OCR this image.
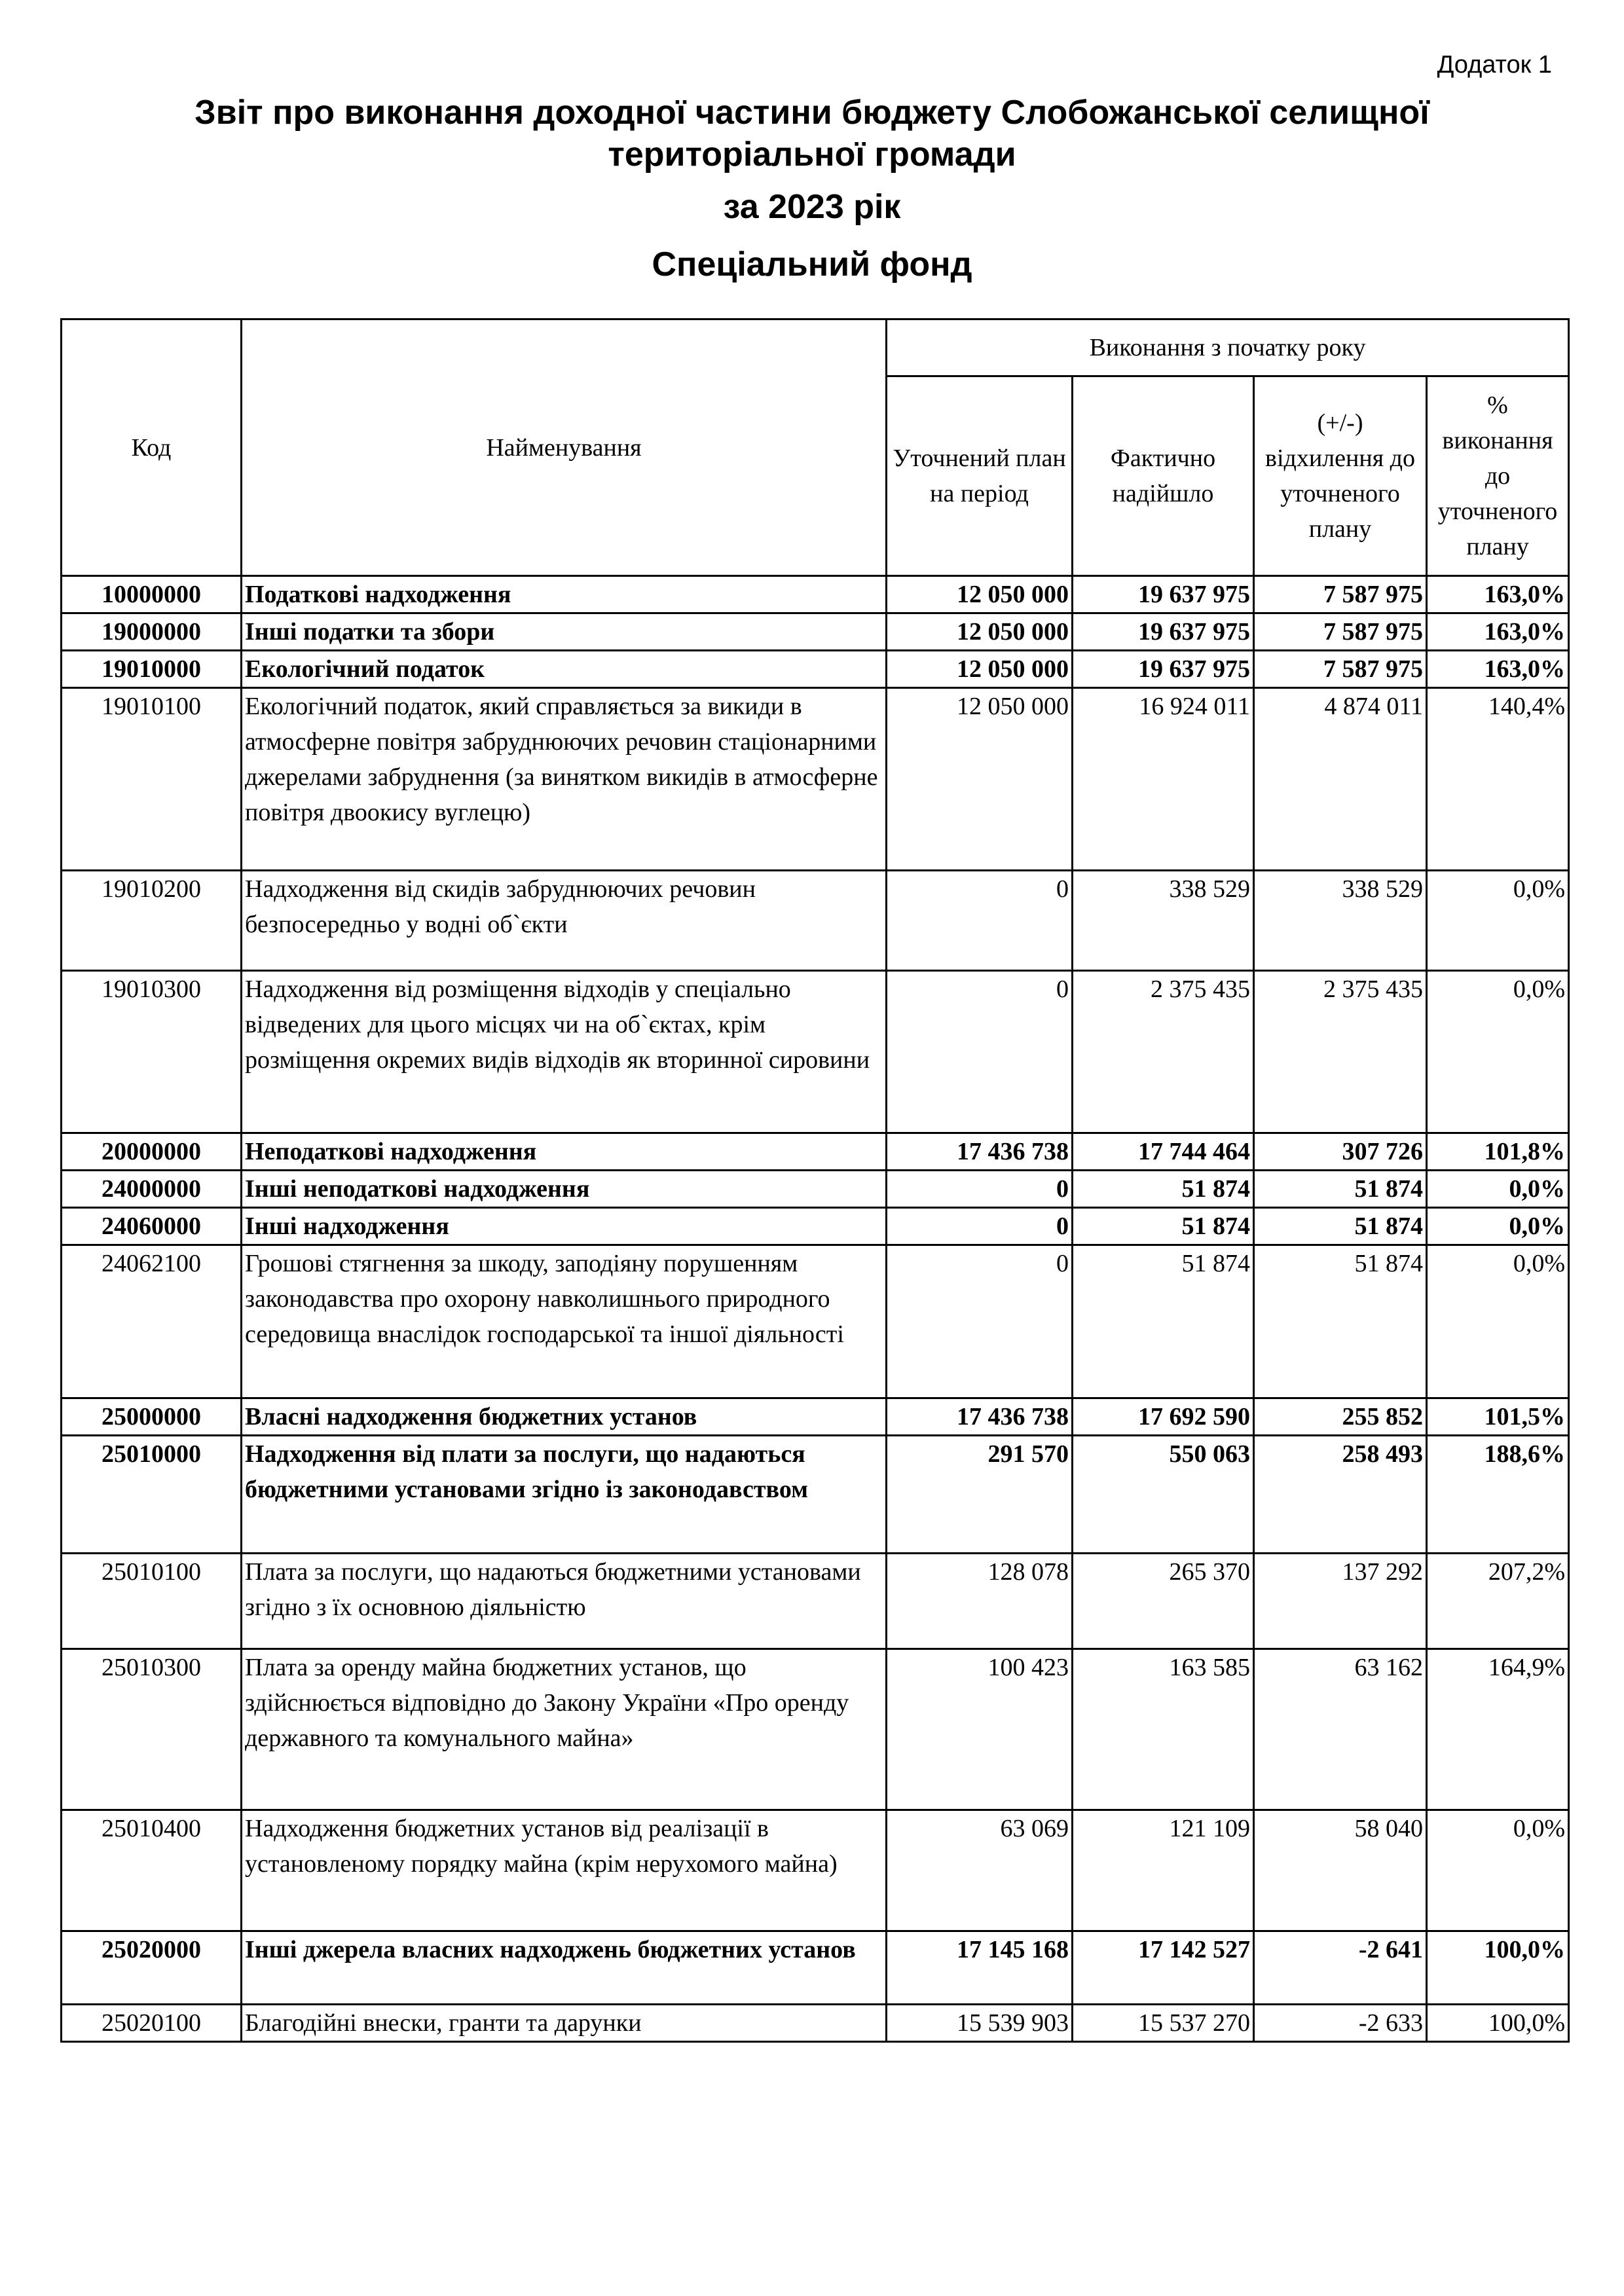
Додаток 1
Звіт про виконання доходної частини бюджету Слобожанської селищної
територіальної громади
за 2023 рік
Спеціальний фонд
Код	Найменування	Виконання з початку року			
		Уточнений план на період	Фактично надійшло	(+/-) відхилення до уточненого плану	% виконання до уточненого плану
10000000	Податкові надходження	12 050 000	19 637 975	7 587 975	163,0%
19000000	Інші податки та збори	12 050 000	19 637 975	7 587 975	163,0%
19010000	Екологічний податок	12 050 000	19 637 975	7 587 975	163,0%
19010100	Екологічний податок, який справляється за викиди в атмосферне повітря забруднюючих речовин стаціонарними джерелами забруднення (за винятком викидів в атмосферне повітря двоокису вуглецю)	12 050 000	16 924 011	4 874 011	140,4%
19010200	Надходження від скидів забруднюючих речовин безпосередньо у водні об`єкти	0	338 529	338 529	0,0%
19010300	Надходження від розміщення відходів у спеціально відведених для цього місцях чи на об`єктах, крім розміщення окремих видів відходів як вторинної сировини	0	2 375 435	2 375 435	0,0%
20000000	Неподаткові надходження	17 436 738	17 744 464	307 726	101,8%
24000000	Інші неподаткові надходження	0	51 874	51 874	0,0%
24060000	Інші надходження	0	51 874	51 874	0,0%
24062100	Грошові стягнення за шкоду, заподіяну порушенням законодавства про охорону навколишнього природного середовища внаслідок господарської та іншої діяльності	0	51 874	51 874	0,0%
25000000	Власні надходження бюджетних установ	17 436 738	17 692 590	255 852	101,5%
25010000	Надходження від плати за послуги, що надаються бюджетними установами згідно із законодавством	291 570	550 063	258 493	188,6%
25010100	Плата за послуги, що надаються бюджетними установами згідно з їх основною діяльністю	128 078	265 370	137 292	207,2%
25010300	Плата за оренду майна бюджетних установ, що здійснюється відповідно до Закону України «Про оренду державного та комунального майна»	100 423	163 585	63 162	164,9%
25010400	Надходження бюджетних установ від реалізації в установленому порядку майна (крім нерухомого майна)	63 069	121 109	58 040	0,0%
25020000	Інші джерела власних надходжень бюджетних установ	17 145 168	17 142 527	-2 641	100,0%
25020100	Благодійні внески, гранти та дарунки	15 539 903	15 537 270	-2 633	100,0%
